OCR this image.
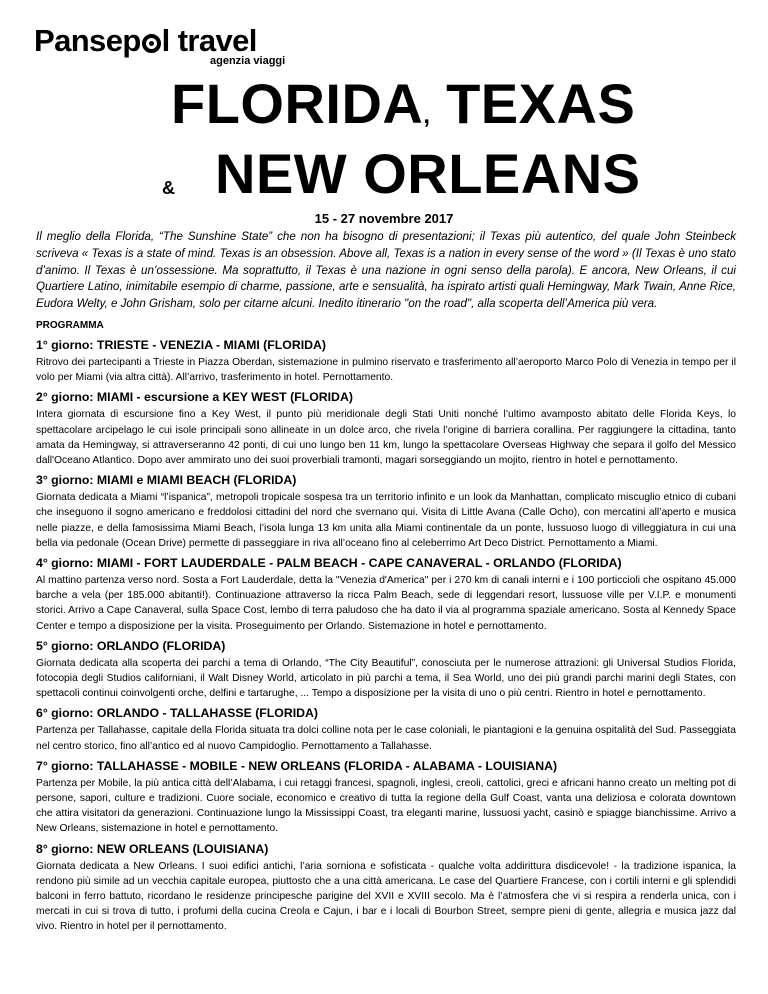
Pansep l travel
agenzia viaggi
FLORIDA, TEXAS
& NEW ORLEANS
15 - 27 novembre 2017

Il meglio della Florida, “The Sunshine State” che non ha bisogno di presentazioni; il Texas più autentico, del quale John Steinbeck scriveva « Texas is a state of mind. Texas is an obsession. Above all, Texas is a nation in every sense of the word » (Il Texas è uno stato d’animo. Il Texas è un’ossessione. Ma soprattutto, il Texas è una nazione in ogni senso della parola). E ancora, New Orleans, il cui Quartiere Latino, inimitabile esempio di charme, passione, arte e sensualità, ha ispirato artisti quali Hemingway, Mark Twain, Anne Rice, Eudora Welty, e John Grisham, solo per citarne alcuni. Inedito itinerario "on the road", alla scoperta dell’America più vera.

PROGRAMMA
1° giorno: TRIESTE - VENEZIA - MIAMI (FLORIDA)

Ritrovo dei partecipanti a Trieste in Piazza Oberdan, sistemazione in pulmino riservato e trasferimento all’aeroporto Marco Polo di Venezia in tempo per il volo per Miami (via altra città). All’arrivo, trasferimento in hotel. Pernottamento.

2° giorno: MIAMI - escursione a KEY WEST (FLORIDA)

Intera giornata di escursione fino a Key West, il punto più meridionale degli Stati Uniti nonché l’ultimo avamposto abitato delle Florida Keys, lo spettacolare arcipelago le cui isole principali sono allineate in un dolce arco, che rivela l’origine di barriera corallina. Per raggiungere la cittadina, tanto amata da Hemingway, si attraverseranno 42 ponti, di cui uno lungo ben 11 km, lungo la spettacolare Overseas Highway che separa il golfo del Messico dall'Oceano Atlantico. Dopo aver ammirato uno dei suoi proverbiali tramonti, magari sorseggiando un mojito, rientro in hotel e pernottamento.

3° giorno: MIAMI e MIAMI BEACH (FLORIDA)

Giornata dedicata a Miami “l’ispanica”, metropoli tropicale sospesa tra un territorio infinito e un look da Manhattan, complicato miscuglio etnico di cubani che inseguono il sogno americano e freddolosi cittadini del nord che svernano qui. Visita di Little Avana (Calle Ocho), con mercatini all’aperto e musica nelle piazze, e della famosissima Miami Beach, l’isola lunga 13 km unita alla Miami continentale da un ponte, lussuoso luogo di villeggiatura in cui una bella via pedonale (Ocean Drive) permette di passeggiare in riva all’oceano fino al celeberrimo Art Deco District. Pernottamento a Miami.

4° giorno: MIAMI - FORT LAUDERDALE - PALM BEACH - CAPE CANAVERAL - ORLANDO (FLORIDA)

Al mattino partenza verso nord. Sosta a Fort Lauderdale, detta la "Venezia d'America" per i 270 km di canali interni e i 100 porticcioli che ospitano 45.000 barche a vela (per 185.000 abitanti!). Continuazione attraverso la ricca Palm Beach, sede di leggendari resort, lussuose ville per V.I.P. e monumenti storici. Arrivo a Cape Canaveral, sulla Space Cost, lembo di terra paludoso che ha dato il via al programma spaziale americano. Sosta al Kennedy Space Center e tempo a disposizione per la visita. Proseguimento per Orlando. Sistemazione in hotel e pernottamento.

5° giorno: ORLANDO (FLORIDA)

Giornata dedicata alla scoperta dei parchi a tema di Orlando, “The City Beautiful”, conosciuta per le numerose attrazioni: gli Universal Studios Florida, fotocopia degli Studios californiani, il Walt Disney World, articolato in più parchi a tema, il Sea World, uno dei più grandi parchi marini degli States, con spettacoli continui coinvolgenti orche, delfini e tartarughe, ... Tempo a disposizione per la visita di uno o più centri. Rientro in hotel e pernottamento.

6° giorno: ORLANDO - TALLAHASSE (FLORIDA)

Partenza per Tallahasse, capitale della Florida situata tra dolci colline nota per le case coloniali, le piantagioni e la genuina ospitalità del Sud. Passeggiata nel centro storico, fino all’antico ed al nuovo Campidoglio. Pernottamento a Tallahasse.

7° giorno: TALLAHASSE - MOBILE - NEW ORLEANS (FLORIDA - ALABAMA - LOUISIANA)

Partenza per Mobile, la più antica città dell’Alabama, i cui retaggi francesi, spagnoli, inglesi, creoli, cattolici, greci e africani hanno creato un melting pot di persone, sapori, culture e tradizioni. Cuore sociale, economico e creativo di tutta la regione della Gulf Coast, vanta una deliziosa e colorata downtown che attira visitatori da generazioni. Continuazione lungo la Mississippi Coast, tra eleganti marine, lussuosi yacht, casinò e spiagge bianchissime. Arrivo a New Orleans, sistemazione in hotel e pernottamento.

8° giorno: NEW ORLEANS (LOUISIANA)

Giornata dedicata a New Orleans. I suoi edifici antichi, l’aria sorniona e sofisticata - qualche volta addirittura disdicevole! - la tradizione ispanica, la rendono più simile ad un vecchia capitale europea, piuttosto che a una città americana. Le case del Quartiere Francese, con i cortili interni e gli splendidi balconi in ferro battuto, ricordano le residenze principesche parigine del XVII e XVIII secolo. Ma è l’atmosfera che vi si respira a renderla unica, con i mercati in cui si trova di tutto, i profumi della cucina Creola e Cajun, i bar e i locali di Bourbon Street, sempre pieni di gente, allegria e musica jazz dal vivo. Rientro in hotel per il pernottamento.
